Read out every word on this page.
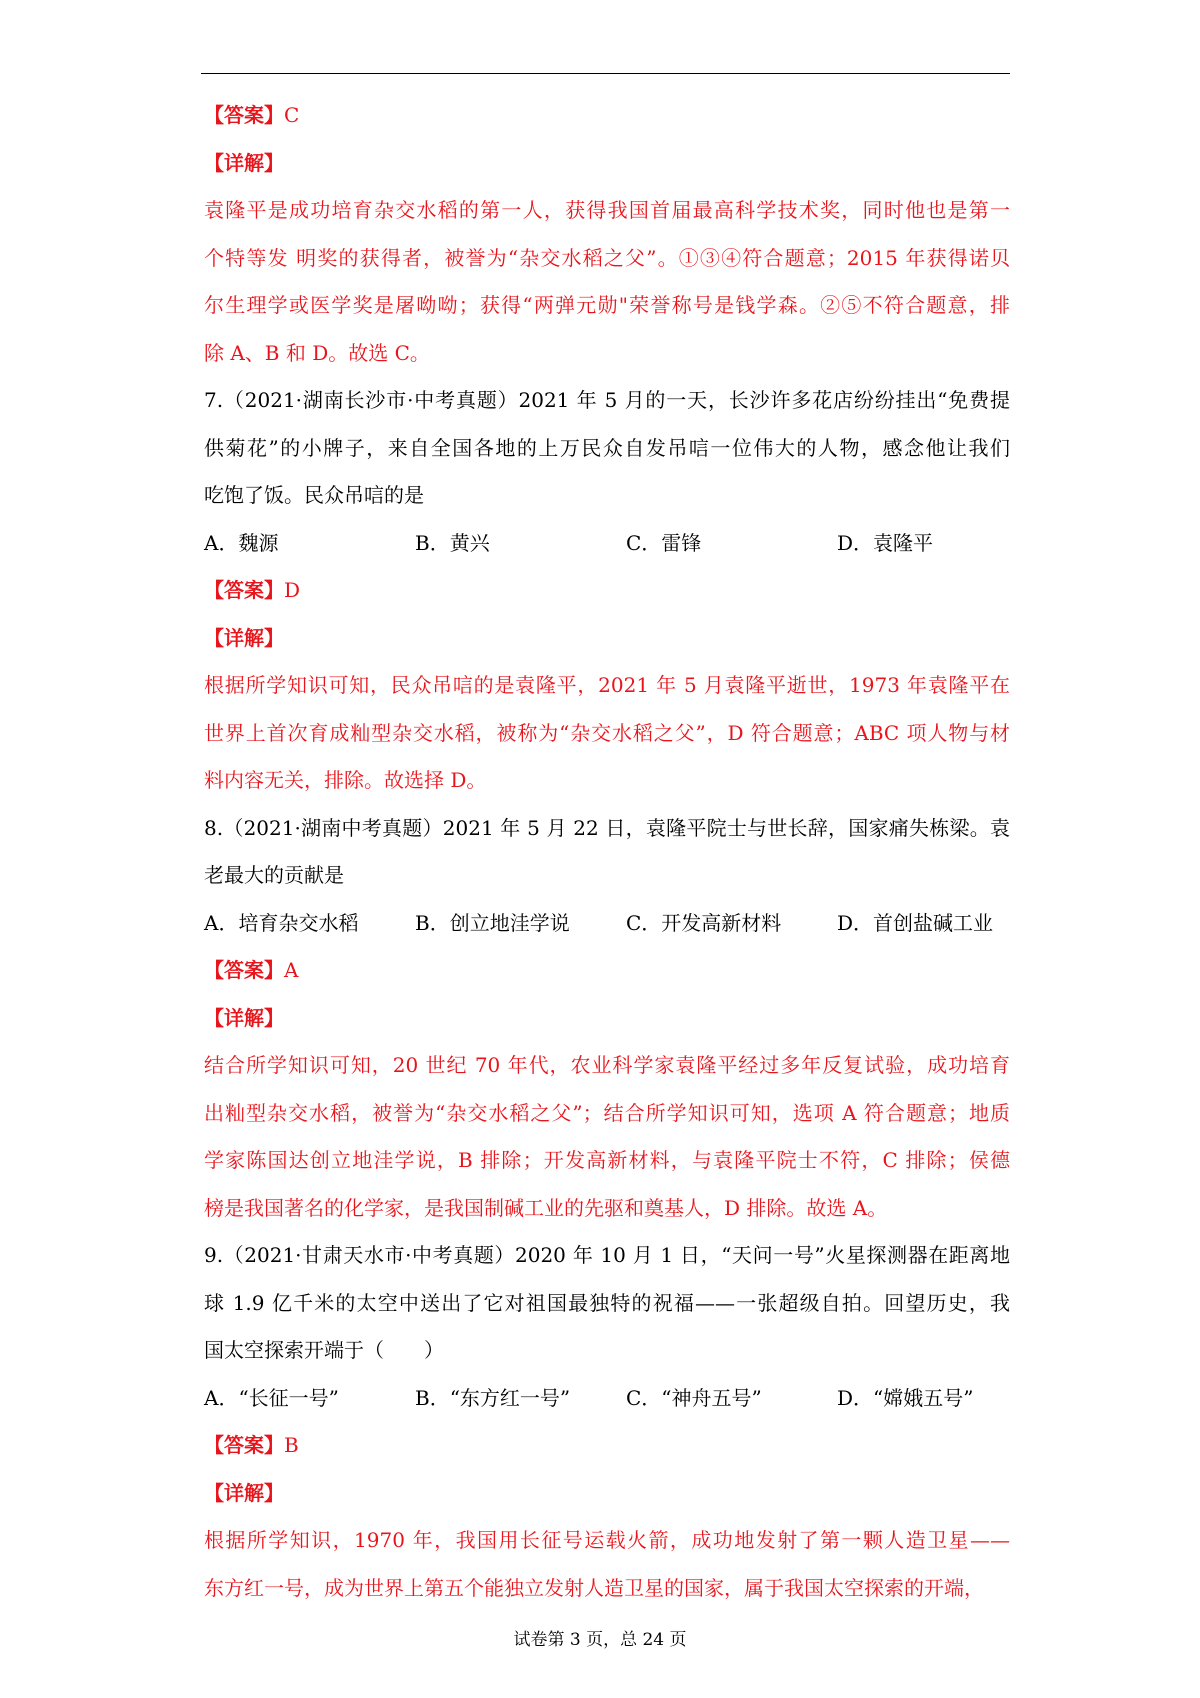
【答案】C
【详解】
袁隆平是成功培育杂交水稻的第一人，获得我国首届最高科学技术奖，同时他也是第一
个特等发 明奖的获得者，被誉为“杂交水稻之父”。①③④符合题意；2015 年获得诺贝
尔生理学或医学奖是屠呦呦；获得“两弹元勋"荣誉称号是钱学森。②⑤不符合题意，排
除 A、B 和 D。故选 C。
7.（2021·湖南长沙市·中考真题）2021 年 5 月的一天，长沙许多花店纷纷挂出“免费提
供菊花”的小牌子，来自全国各地的上万民众自发吊唁一位伟大的人物，感念他让我们
吃饱了饭。民众吊唁的是
A．魏源	B．黄兴	C．雷锋	D．袁隆平
【答案】D
【详解】
根据所学知识可知，民众吊唁的是袁隆平，2021 年 5 月袁隆平逝世，1973 年袁隆平在
世界上首次育成籼型杂交水稻，被称为“杂交水稻之父”，D 符合题意；ABC 项人物与材
料内容无关，排除。故选择 D。
8.（2021·湖南中考真题）2021 年 5 月 22 日，袁隆平院士与世长辞，国家痛失栋梁。袁
老最大的贡献是
A．培育杂交水稻	B．创立地洼学说	C．开发高新材料	D．首创盐碱工业
【答案】A
【详解】
结合所学知识可知，20 世纪 70 年代，农业科学家袁隆平经过多年反复试验，成功培育
出籼型杂交水稻，被誉为“杂交水稻之父”；结合所学知识可知，选项 A 符合题意；地质
学家陈国达创立地洼学说，B 排除；开发高新材料，与袁隆平院士不符，C 排除；侯德
榜是我国著名的化学家，是我国制碱工业的先驱和奠基人，D 排除。故选 A。
9.（2021·甘肃天水市·中考真题）2020 年 10 月 1 日，“天问一号”火星探测器在距离地
球 1.9 亿千米的太空中送出了它对祖国最独特的祝福——一张超级自拍。回望历史，我
国太空探索开端于（　　）
A．“长征一号”	B．“东方红一号”	C．“神舟五号”	D．“嫦娥五号”
【答案】B
【详解】
根据所学知识，1970 年，我国用长征号运载火箭，成功地发射了第一颗人造卫星——
东方红一号，成为世界上第五个能独立发射人造卫星的国家，属于我国太空探索的开端，
试卷第 3 页，总 24 页
